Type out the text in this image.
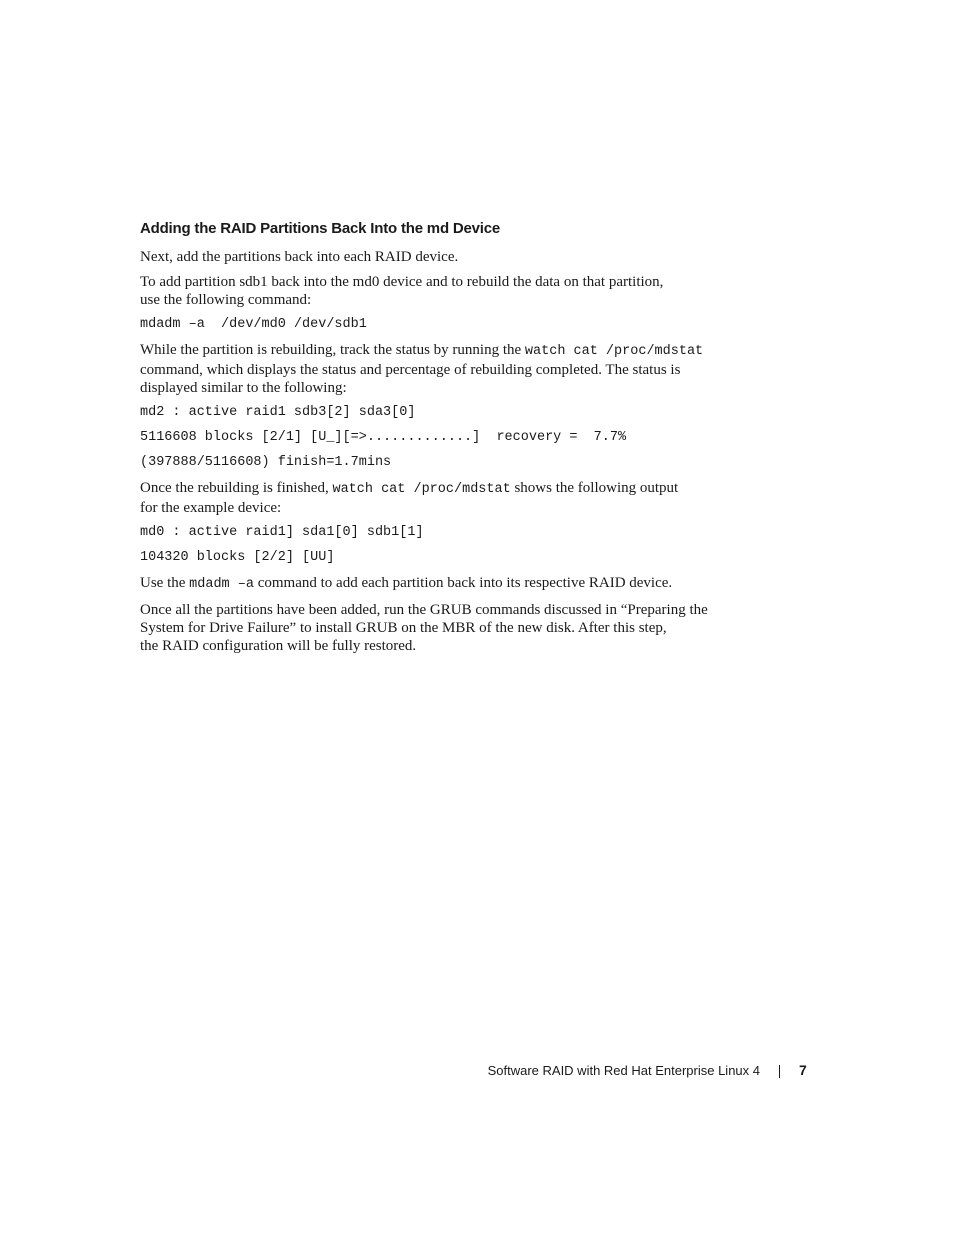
Adding the RAID Partitions Back Into the md Device
Next, add the partitions back into each RAID device.
To add partition sdb1 back into the md0 device and to rebuild the data on that partition,
use the following command:
mdadm –a  /dev/md0 /dev/sdb1
While the partition is rebuilding, track the status by running the watch cat /proc/mdstat
command, which displays the status and percentage of rebuilding completed. The status is
displayed similar to the following:
md2 : active raid1 sdb3[2] sda3[0]
5116608 blocks [2/1] [U_][=>.............]  recovery =  7.7%
(397888/5116608) finish=1.7mins
Once the rebuilding is finished, watch cat /proc/mdstat shows the following output
for the example device:
md0 : active raid1] sda1[0] sdb1[1]
104320 blocks [2/2] [UU]
Use the mdadm –a command to add each partition back into its respective RAID device.
Once all the partitions have been added, run the GRUB commands discussed in “Preparing the
System for Drive Failure” to install GRUB on the MBR of the new disk. After this step,
the RAID configuration will be fully restored.
Software RAID with Red Hat Enterprise Linux 4	7
